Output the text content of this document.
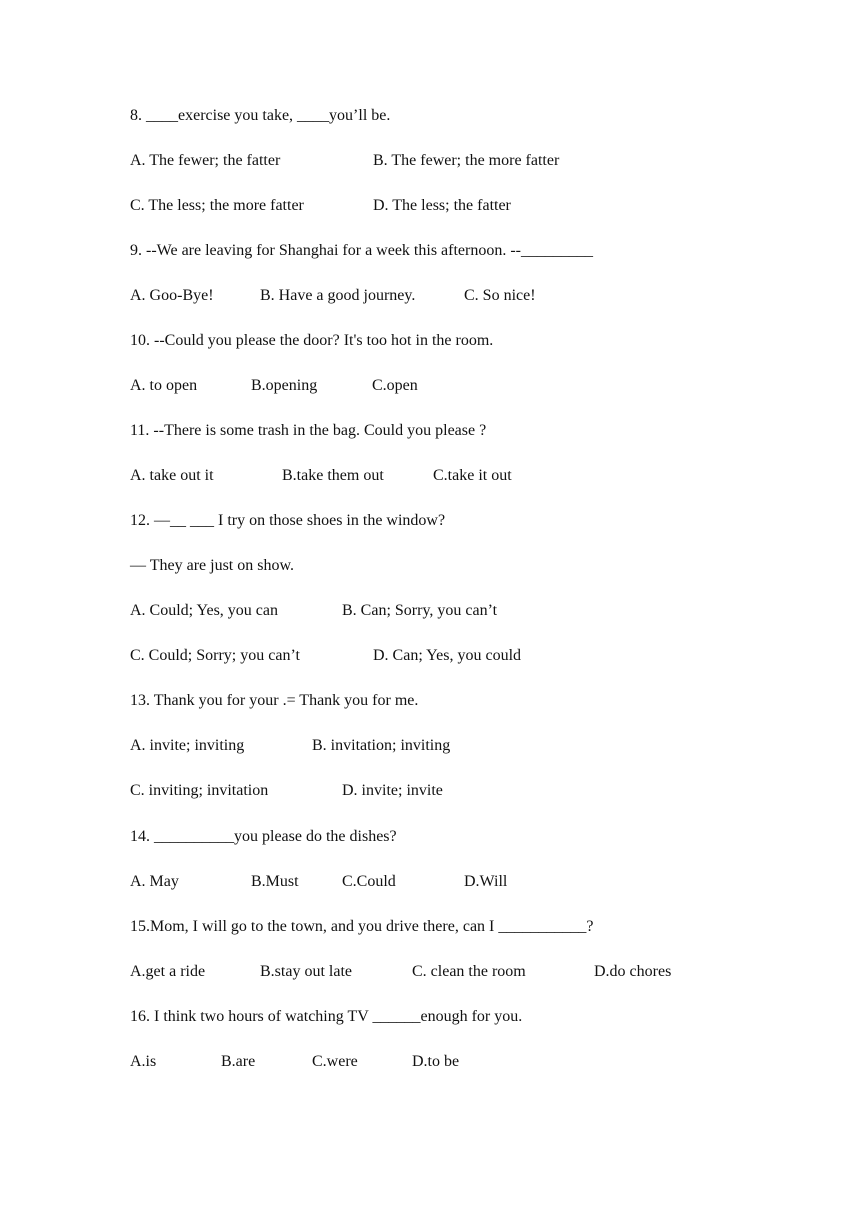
8. ____exercise you take, ____you’ll be.

A. The fewer; the fatter

	B. The fewer; the more fatter

C. The less; the more fatter

	D. The less; the fatter

9. --We are leaving for Shanghai for a week this afternoon. --_________

A. Goo-Bye!

	B. Have a good journey.

	C. So nice!

10. --Could you please the door? It's too hot in the room.

A. to open

	B.opening

	C.open

11. --There is some trash in the bag. Could you please ?

A. take out it

	B.take them out

	C.take it out

12. —__ ___ I try on those shoes in the window?
— They are just on show.

A. Could; Yes, you can

	B. Can; Sorry, you can’t

C. Could; Sorry; you can’t

	D. Can; Yes, you could

13. Thank you for your .= Thank you for me.

A. invite; inviting

	B. invitation; inviting

C. inviting; invitation

	D. invite; invite

14. __________you please do the dishes?

A. May

	B.Must

	C.Could

	D.Will

15.Mom, I will go to the town, and you drive there, can I ___________?

A.get a ride

	B.stay out late

	C. clean the room

	D.do chores

16. I think two hours of watching TV ______enough for you.

A.is

	B.are

	C.were

	D.to be
